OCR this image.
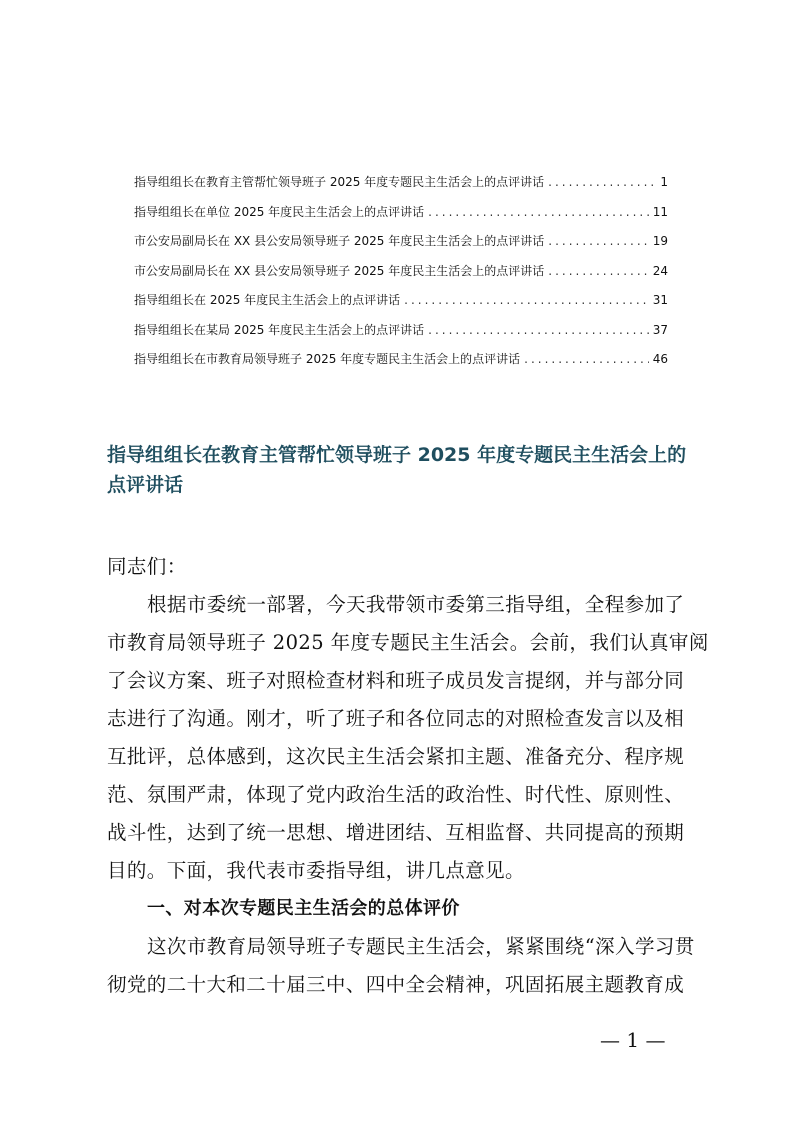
指导组组长在教育主管帮忙领导班子 2025 年度专题民主生活会上的点评讲话 .....	1
指导组组长在单位 2025 年度民主生活会上的点评讲话 .....	11
市公安局副局长在 XX 县公安局领导班子 2025 年度民主生活会上的点评讲话 .....	19
市公安局副局长在 XX 县公安局领导班子 2025 年度民主生活会上的点评讲话 .....	24
指导组组长在 2025 年度民主生活会上的点评讲话 .....	31
指导组组长在某局 2025 年度民主生活会上的点评讲话 .....	37
指导组组长在市教育局领导班子 2025 年度专题民主生活会上的点评讲话 .....	46
指导组组长在教育主管帮忙领导班子 2025 年度专题民主生活会上的
点评讲话
同志们：
根据市委统一部署，今天我带领市委第三指导组，全程参加了
市教育局领导班子 2025 年度专题民主生活会。会前，我们认真审阅
了会议方案、班子对照检查材料和班子成员发言提纲，并与部分同
志进行了沟通。刚才，听了班子和各位同志的对照检查发言以及相
互批评，总体感到，这次民主生活会紧扣主题、准备充分、程序规
范、氛围严肃，体现了党内政治生活的政治性、时代性、原则性、
战斗性，达到了统一思想、增进团结、互相监督、共同提高的预期
目的。下面，我代表市委指导组，讲几点意见。
一、对本次专题民主生活会的总体评价
这次市教育局领导班子专题民主生活会，紧紧围绕“深入学习贯
彻党的二十大和二十届三中、四中全会精神，巩固拓展主题教育成
— 1 —
